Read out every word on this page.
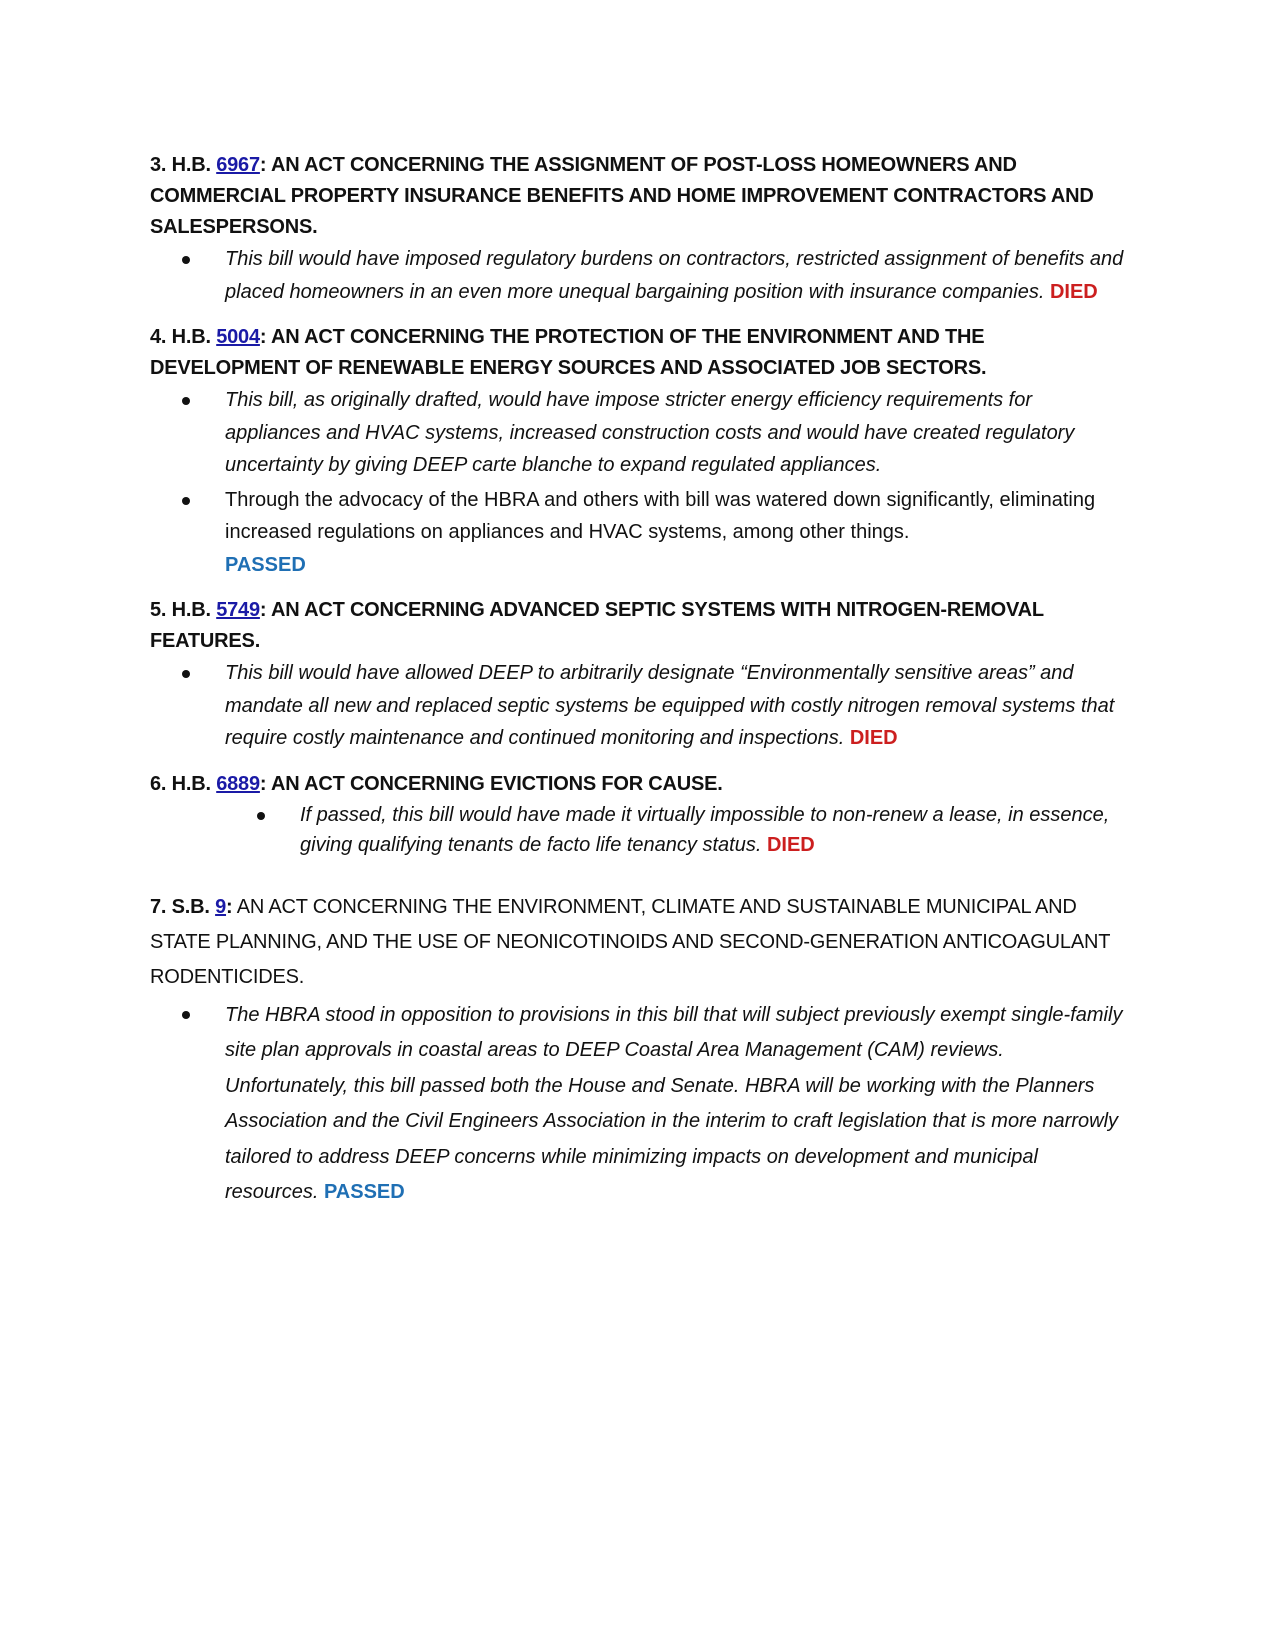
3. H.B. 6967: AN ACT CONCERNING THE ASSIGNMENT OF POST-LOSS HOMEOWNERS AND COMMERCIAL PROPERTY INSURANCE BENEFITS AND HOME IMPROVEMENT CONTRACTORS AND SALESPERSONS.

This bill would have imposed regulatory burdens on contractors, restricted assignment of benefits and placed homeowners in an even more unequal bargaining position with insurance companies. DIED

4. H.B. 5004: AN ACT CONCERNING THE PROTECTION OF THE ENVIRONMENT AND THE DEVELOPMENT OF RENEWABLE ENERGY SOURCES AND ASSOCIATED JOB SECTORS.

This bill, as originally drafted, would have impose stricter energy efficiency requirements for appliances and HVAC systems, increased construction costs and would have created regulatory uncertainty by giving DEEP carte blanche to expand regulated appliances.
Through the advocacy of the HBRA and others with bill was watered down significantly, eliminating increased regulations on appliances and HVAC systems, among other things.
PASSED

5. H.B. 5749: AN ACT CONCERNING ADVANCED SEPTIC SYSTEMS WITH NITROGEN-REMOVAL FEATURES.

This bill would have allowed DEEP to arbitrarily designate “Environmentally sensitive areas” and mandate all new and replaced septic systems be equipped with costly nitrogen removal systems that require costly maintenance and continued monitoring and inspections. DIED

6. H.B. 6889: AN ACT CONCERNING EVICTIONS FOR CAUSE.

If passed, this bill would have made it virtually impossible to non-renew a lease, in essence, giving qualifying tenants de facto life tenancy status. DIED

7. S.B. 9: AN ACT CONCERNING THE ENVIRONMENT, CLIMATE AND SUSTAINABLE MUNICIPAL AND STATE PLANNING, AND THE USE OF NEONICOTINOIDS AND SECOND-GENERATION ANTICOAGULANT RODENTICIDES.

The HBRA stood in opposition to provisions in this bill that will subject previously exempt single-family site plan approvals in coastal areas to DEEP Coastal Area Management (CAM) reviews. Unfortunately, this bill passed both the House and Senate. HBRA will be working with the Planners Association and the Civil Engineers Association in the interim to craft legislation that is more narrowly tailored to address DEEP concerns while minimizing impacts on development and municipal resources. PASSED
